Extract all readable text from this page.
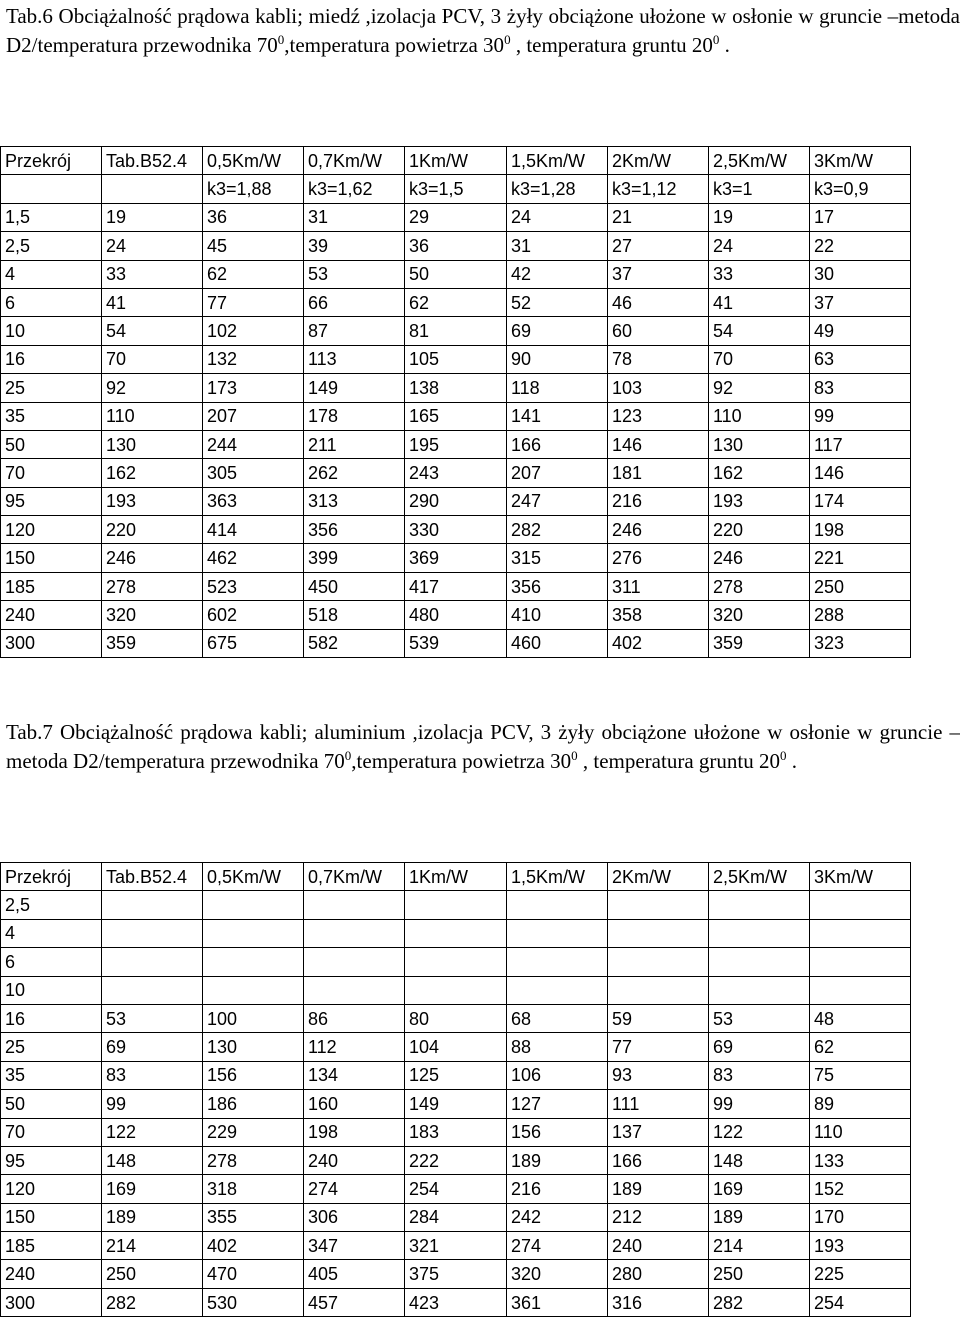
Tab.6 Obciążalność prądowa kabli; miedź ,izolacja PCV, 3 żyły obciążone ułożone w osłonie w gruncie –metoda D2/temperatura przewodnika $70^0,temperatura$ powietrza $30^0$ , temperatura gruntu $20^0$ .
Przekrój	Tab.B52.4	0,5Km/W	0,7Km/W	1Km/W	1,5Km/W	2Km/W	2,5Km/W	3Km/W
		k3=1,88	k3=1,62	k3=1,5	k3=1,28	k3=1,12	k3=1	k3=0,9
1,5	19	36	31	29	24	21	19	17
2,5	24	45	39	36	31	27	24	22
4	33	62	53	50	42	37	33	30
6	41	77	66	62	52	46	41	37
10	54	102	87	81	69	60	54	49
16	70	132	113	105	90	78	70	63
25	92	173	149	138	118	103	92	83
35	110	207	178	165	141	123	110	99
50	130	244	211	195	166	146	130	117
70	162	305	262	243	207	181	162	146
95	193	363	313	290	247	216	193	174
120	220	414	356	330	282	246	220	198
150	246	462	399	369	315	276	246	221
185	278	523	450	417	356	311	278	250
240	320	602	518	480	410	358	320	288
300	359	675	582	539	460	402	359	323
Tab.7 Obciążalność prądowa kabli; aluminium ,izolacja PCV, 3 żyły obciążone ułożone w osłonie w gruncie –metoda D2/temperatura przewodnika $70^0,temperatura$ powietrza $30^0$ , temperatura gruntu $20^0$ .
Przekrój	Tab.B52.4	0,5Km/W	0,7Km/W	1Km/W	1,5Km/W	2Km/W	2,5Km/W	3Km/W
2,5								
4								
6								
10								
16	53	100	86	80	68	59	53	48
25	69	130	112	104	88	77	69	62
35	83	156	134	125	106	93	83	75
50	99	186	160	149	127	111	99	89
70	122	229	198	183	156	137	122	110
95	148	278	240	222	189	166	148	133
120	169	318	274	254	216	189	169	152
150	189	355	306	284	242	212	189	170
185	214	402	347	321	274	240	214	193
240	250	470	405	375	320	280	250	225
300	282	530	457	423	361	316	282	254
